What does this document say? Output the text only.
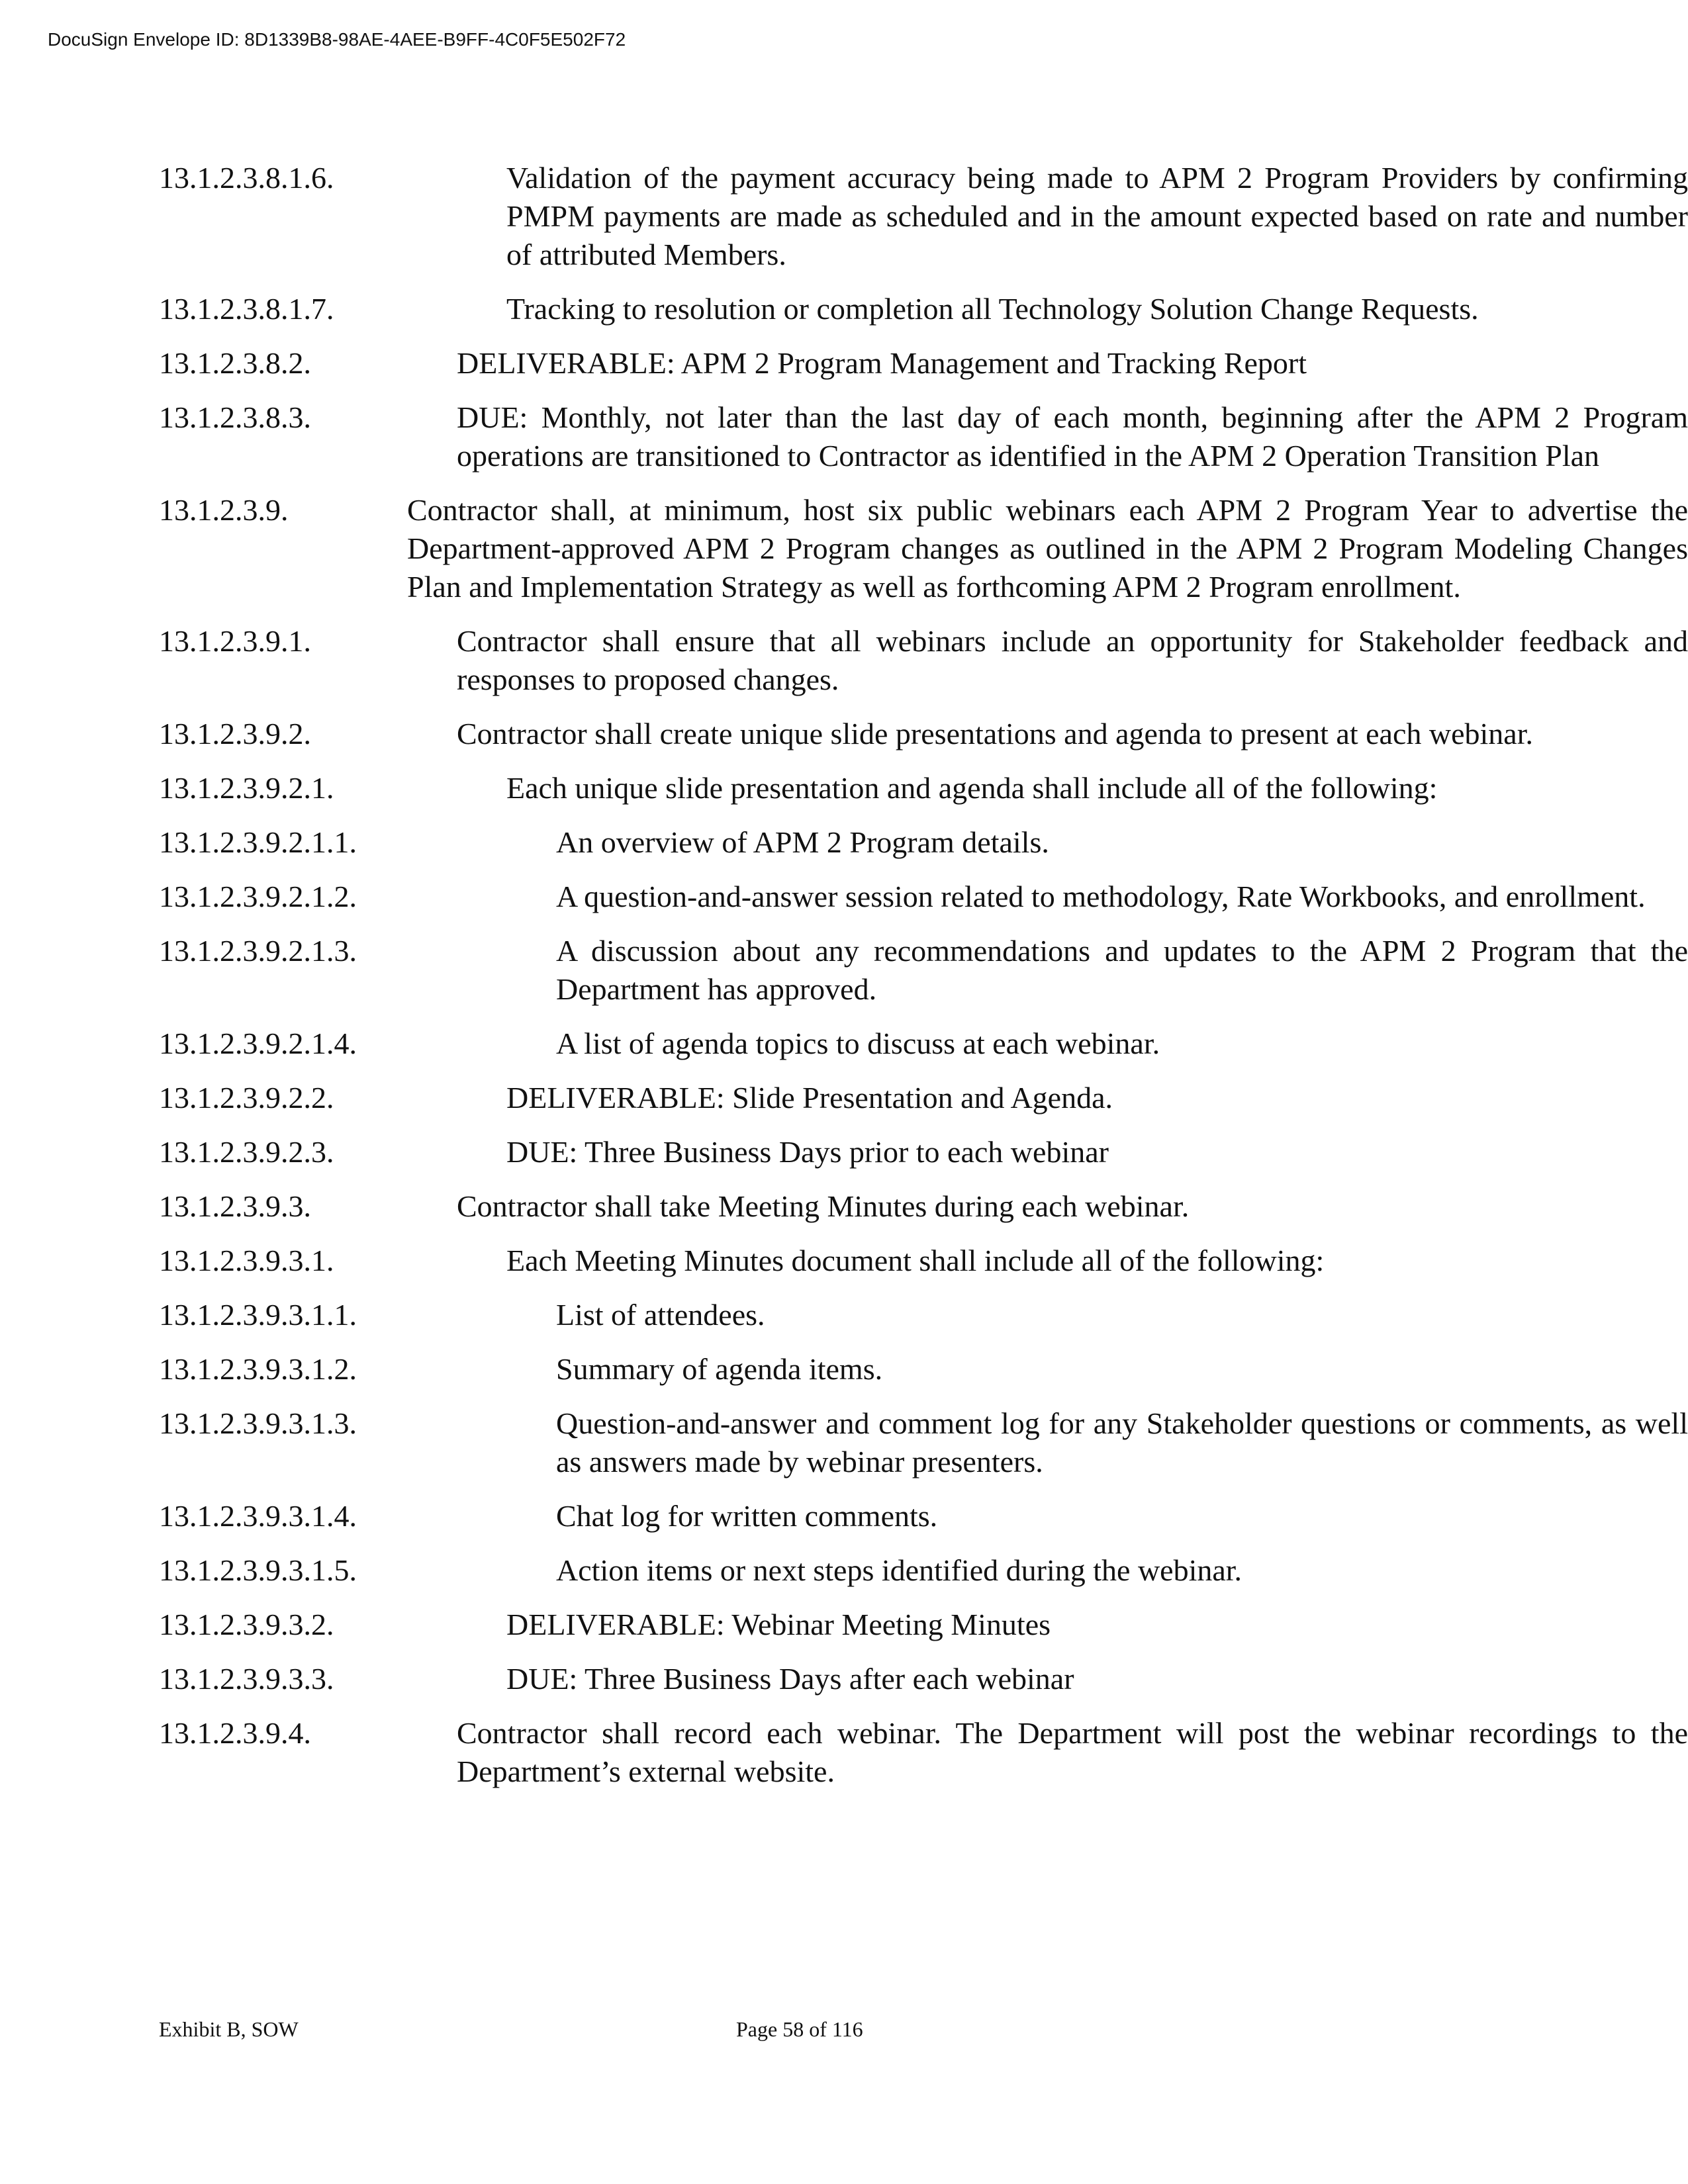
DocuSign Envelope ID: 8D1339B8-98AE-4AEE-B9FF-4C0F5E502F72
13.1.2.3.8.1.6.	Validation of the payment accuracy being made to APM 2 Program Providers by confirming PMPM payments are made as scheduled and in the amount expected based on rate and number of attributed Members.
13.1.2.3.8.1.7.	Tracking to resolution or completion all Technology Solution Change Requests.
13.1.2.3.8.2.	DELIVERABLE: APM 2 Program Management and Tracking Report
13.1.2.3.8.3.	DUE: Monthly, not later than the last day of each month, beginning after the APM 2 Program operations are transitioned to Contractor as identified in the APM 2 Operation Transition Plan
13.1.2.3.9.	Contractor shall, at minimum, host six public webinars each APM 2 Program Year to advertise the Department-approved APM 2 Program changes as outlined in the APM 2 Program Modeling Changes Plan and Implementation Strategy as well as forthcoming APM 2 Program enrollment.
13.1.2.3.9.1.	Contractor shall ensure that all webinars include an opportunity for Stakeholder feedback and responses to proposed changes.
13.1.2.3.9.2.	Contractor shall create unique slide presentations and agenda to present at each webinar.
13.1.2.3.9.2.1.	Each unique slide presentation and agenda shall include all of the following:
13.1.2.3.9.2.1.1.	An overview of APM 2 Program details.
13.1.2.3.9.2.1.2.	A question-and-answer session related to methodology, Rate Workbooks, and enrollment.
13.1.2.3.9.2.1.3.	A discussion about any recommendations and updates to the APM 2 Program that the Department has approved.
13.1.2.3.9.2.1.4.	A list of agenda topics to discuss at each webinar.
13.1.2.3.9.2.2.	DELIVERABLE: Slide Presentation and Agenda.
13.1.2.3.9.2.3.	DUE: Three Business Days prior to each webinar
13.1.2.3.9.3.	Contractor shall take Meeting Minutes during each webinar.
13.1.2.3.9.3.1.	Each Meeting Minutes document shall include all of the following:
13.1.2.3.9.3.1.1.	List of attendees.
13.1.2.3.9.3.1.2.	Summary of agenda items.
13.1.2.3.9.3.1.3.	Question-and-answer and comment log for any Stakeholder questions or comments, as well as answers made by webinar presenters.
13.1.2.3.9.3.1.4.	Chat log for written comments.
13.1.2.3.9.3.1.5.	Action items or next steps identified during the webinar.
13.1.2.3.9.3.2.	DELIVERABLE: Webinar Meeting Minutes
13.1.2.3.9.3.3.	DUE: Three Business Days after each webinar
13.1.2.3.9.4.	Contractor shall record each webinar. The Department will post the webinar recordings to the Department’s external website.
Exhibit B, SOW	Page 58 of 116
